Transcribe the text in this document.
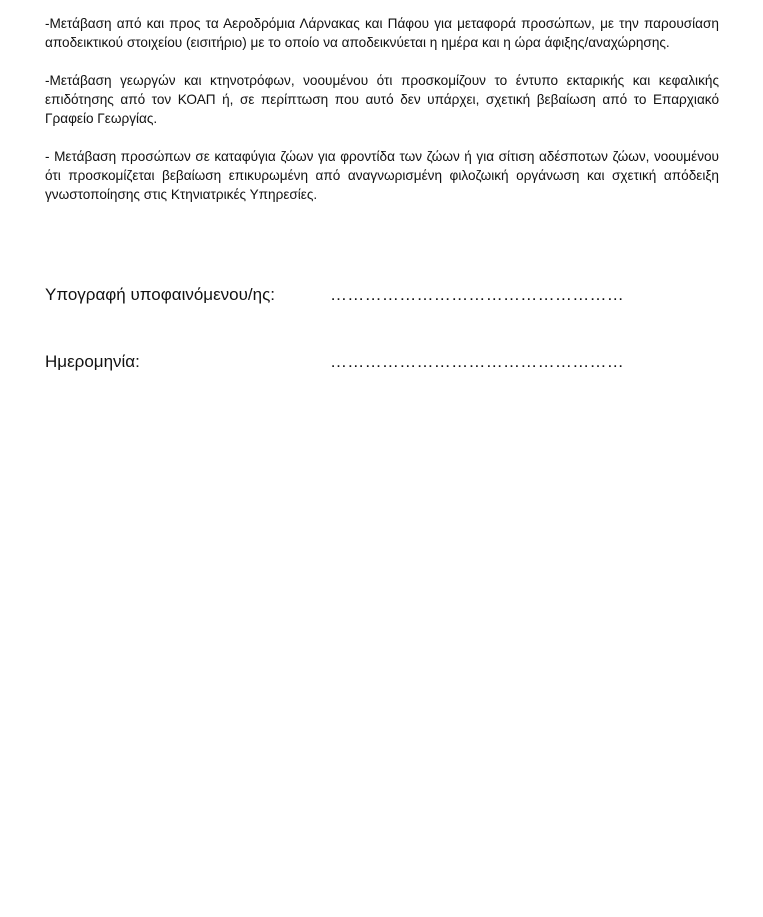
-Μετάβαση από και προς τα Αεροδρόμια Λάρνακας και Πάφου για μεταφορά προσώπων, με την παρουσίαση αποδεικτικού στοιχείου (εισιτήριο) με το οποίο να αποδεικνύεται η ημέρα και η ώρα άφιξης/αναχώρησης.

-Μετάβαση γεωργών και κτηνοτρόφων, νοουμένου ότι προσκομίζουν το έντυπο εκταρικής και κεφαλικής επιδότησης από τον ΚΟΑΠ ή, σε περίπτωση που αυτό δεν υπάρχει, σχετική βεβαίωση από το Επαρχιακό Γραφείο Γεωργίας.

- Μετάβαση προσώπων σε καταφύγια ζώων για φροντίδα των ζώων ή για σίτιση αδέσποτων ζώων, νοουμένου ότι προσκομίζεται βεβαίωση επικυρωμένη από αναγνωρισμένη φιλοζωική οργάνωση και σχετική απόδειξη γνωστοποίησης στις Κτηνιατρικές Υπηρεσίες.

Υπογραφή υποφαινόμενου/ης:	……………………………………………
Ημερομηνία:	……………………………………………
